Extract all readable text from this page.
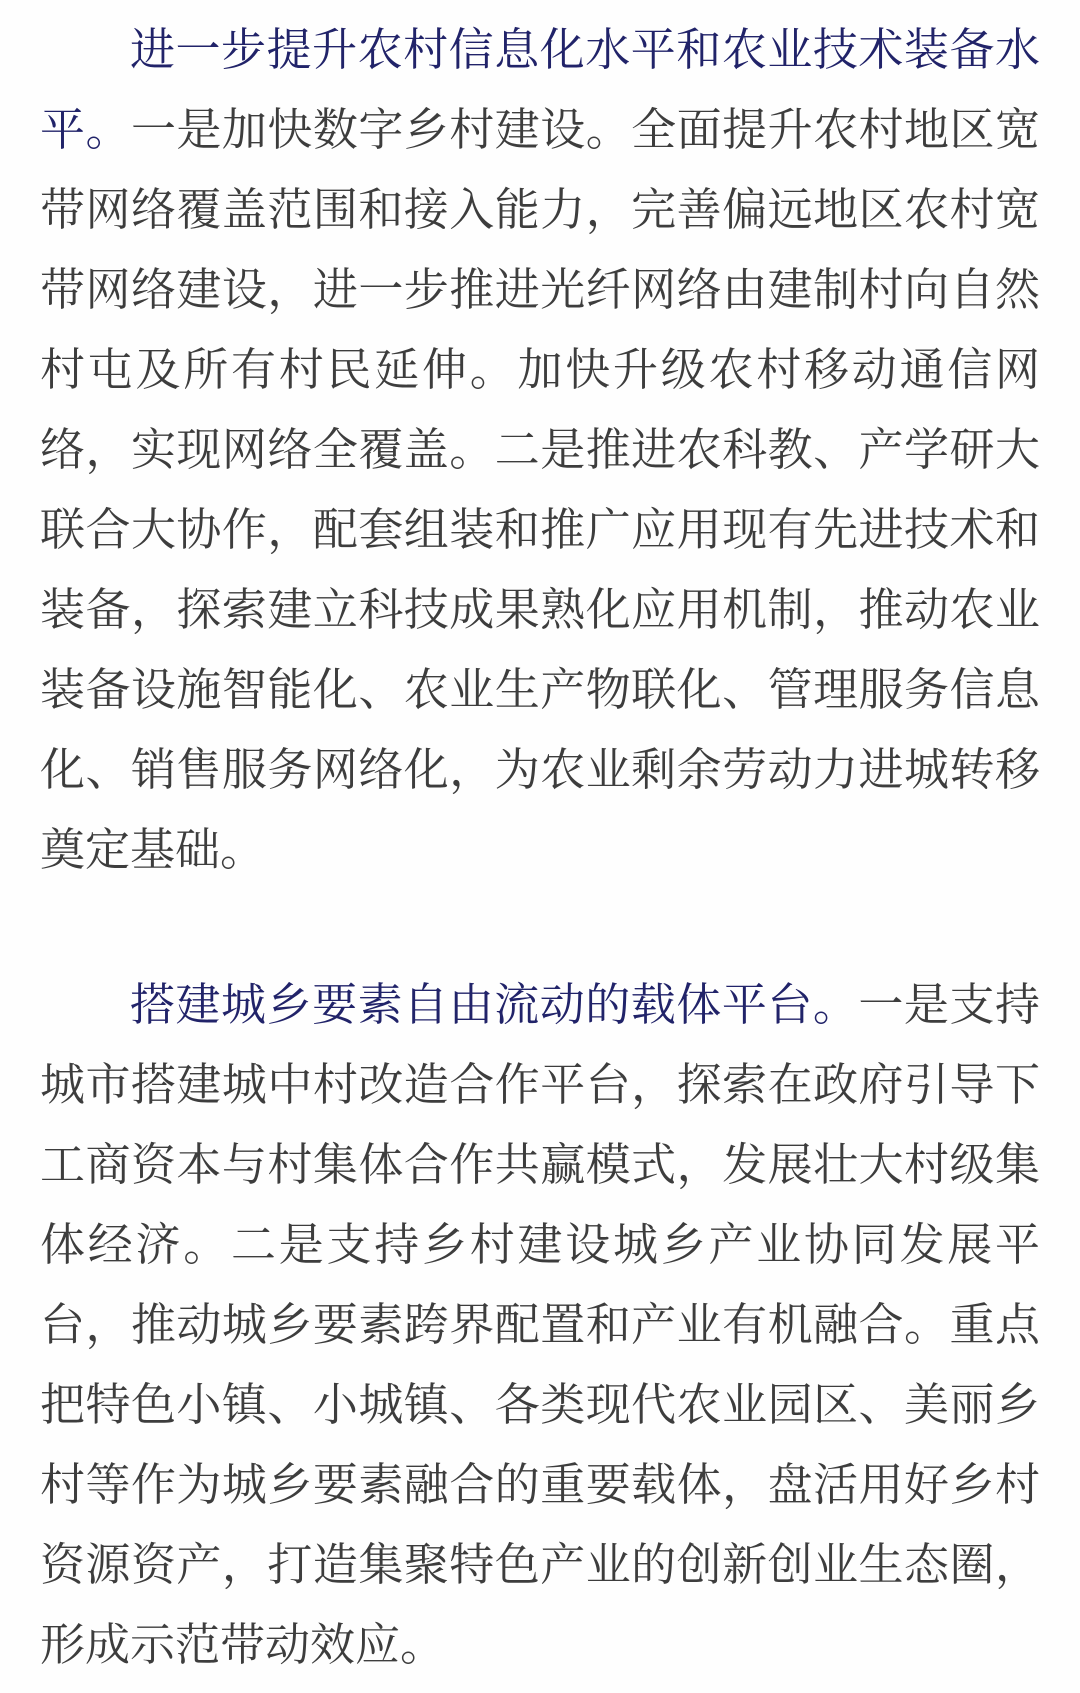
进一步提升农村信息化水平和农业技术装备水平。一是加快数字乡村建设。全面提升农村地区宽带网络覆盖范围和接入能力，完善偏远地区农村宽带网络建设，进一步推进光纤网络由建制村向自然村屯及所有村民延伸。加快升级农村移动通信网络，实现网络全覆盖。二是推进农科教、产学研大联合大协作，配套组装和推广应用现有先进技术和装备，探索建立科技成果熟化应用机制，推动农业装备设施智能化、农业生产物联化、管理服务信息化、销售服务网络化，为农业剩余劳动力进城转移奠定基础。

搭建城乡要素自由流动的载体平台。一是支持城市搭建城中村改造合作平台，探索在政府引导下工商资本与村集体合作共赢模式，发展壮大村级集体经济。二是支持乡村建设城乡产业协同发展平台，推动城乡要素跨界配置和产业有机融合。重点把特色小镇、小城镇、各类现代农业园区、美丽乡村等作为城乡要素融合的重要载体，盘活用好乡村资源资产，打造集聚特色产业的创新创业生态圈，形成示范带动效应。
